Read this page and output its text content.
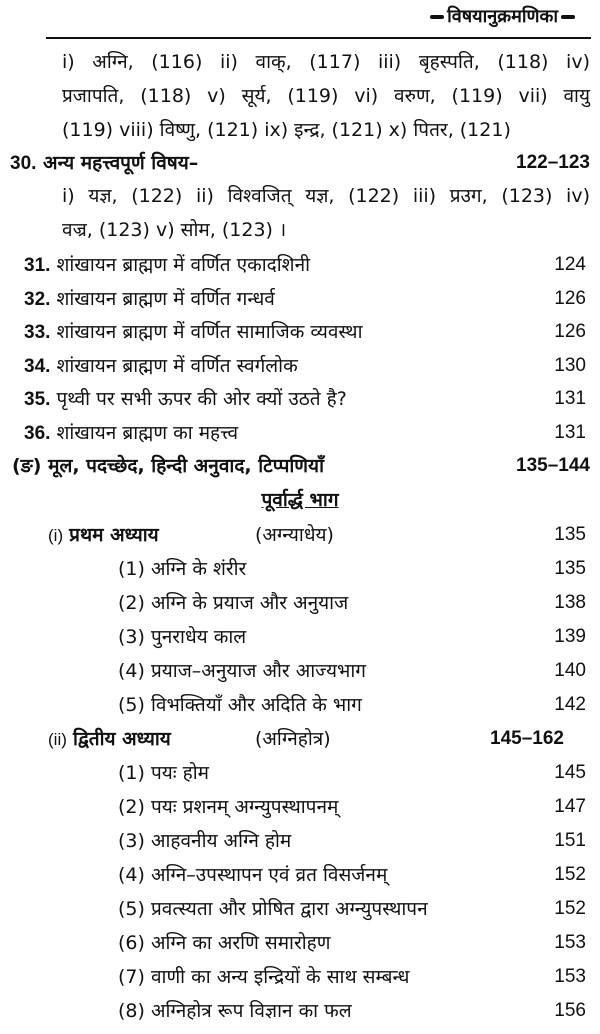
विषयानुक्रमणिका
i) अग्नि, (116) ii) वाक्, (117) iii) बृहस्पति, (118) iv)
प्रजापति, (118) v) सूर्य, (119) vi) वरुण, (119) vii) वायु
(119) viii) विष्णु, (121) ix) इन्द्र, (121) x) पितर, (121)
30. अन्य महत्त्वपूर्ण विषय–	122–123
i) यज्ञ, (122) ii) विश्वजित् यज्ञ, (122) iii) प्रउग, (123) iv)
वज्र, (123) v) सोम, (123) ।
31. शांखायन ब्राह्मण में वर्णित एकादशिनी	124
32. शांखायन ब्राह्मण में वर्णित गन्धर्व	126
33. शांखायन ब्राह्मण में वर्णित सामाजिक व्यवस्था	126
34. शांखायन ब्राह्मण में वर्णित स्वर्गलोक	130
35. पृथ्वी पर सभी ऊपर की ओर क्यों उठते है?	131
36. शांखायन ब्राह्मण का महत्त्व	131
(ङ) मूल, पदच्छेद, हिन्दी अनुवाद, टिप्पणियाँ	135–144
पूर्वार्द्ध भाग
(i) प्रथम अध्याय	(अग्न्याधेय)	135
(1) अग्नि के शंरीर	135
(2) अग्नि के प्रयाज और अनुयाज	138
(3) पुनराधेय काल	139
(4) प्रयाज–अनुयाज और आज्यभाग	140
(5) विभक्तियाँ और अदिति के भाग	142
(ii) द्वितीय अध्याय	(अग्निहोत्र)	145–162
(1) पयः होम	145
(2) पयः प्रशनम् अग्न्युपस्थापनम्	147
(3) आहवनीय अग्नि होम	151
(4) अग्नि–उपस्थापन एवं व्रत विसर्जनम्	152
(5) प्रवत्स्यता और प्रोषित द्वारा अग्न्युपस्थापन	152
(6) अग्नि का अरणि समारोहण	153
(7) वाणी का अन्य इन्द्रियों के साथ सम्बन्ध	153
(8) अग्निहोत्र रूप विज्ञान का फल	156
